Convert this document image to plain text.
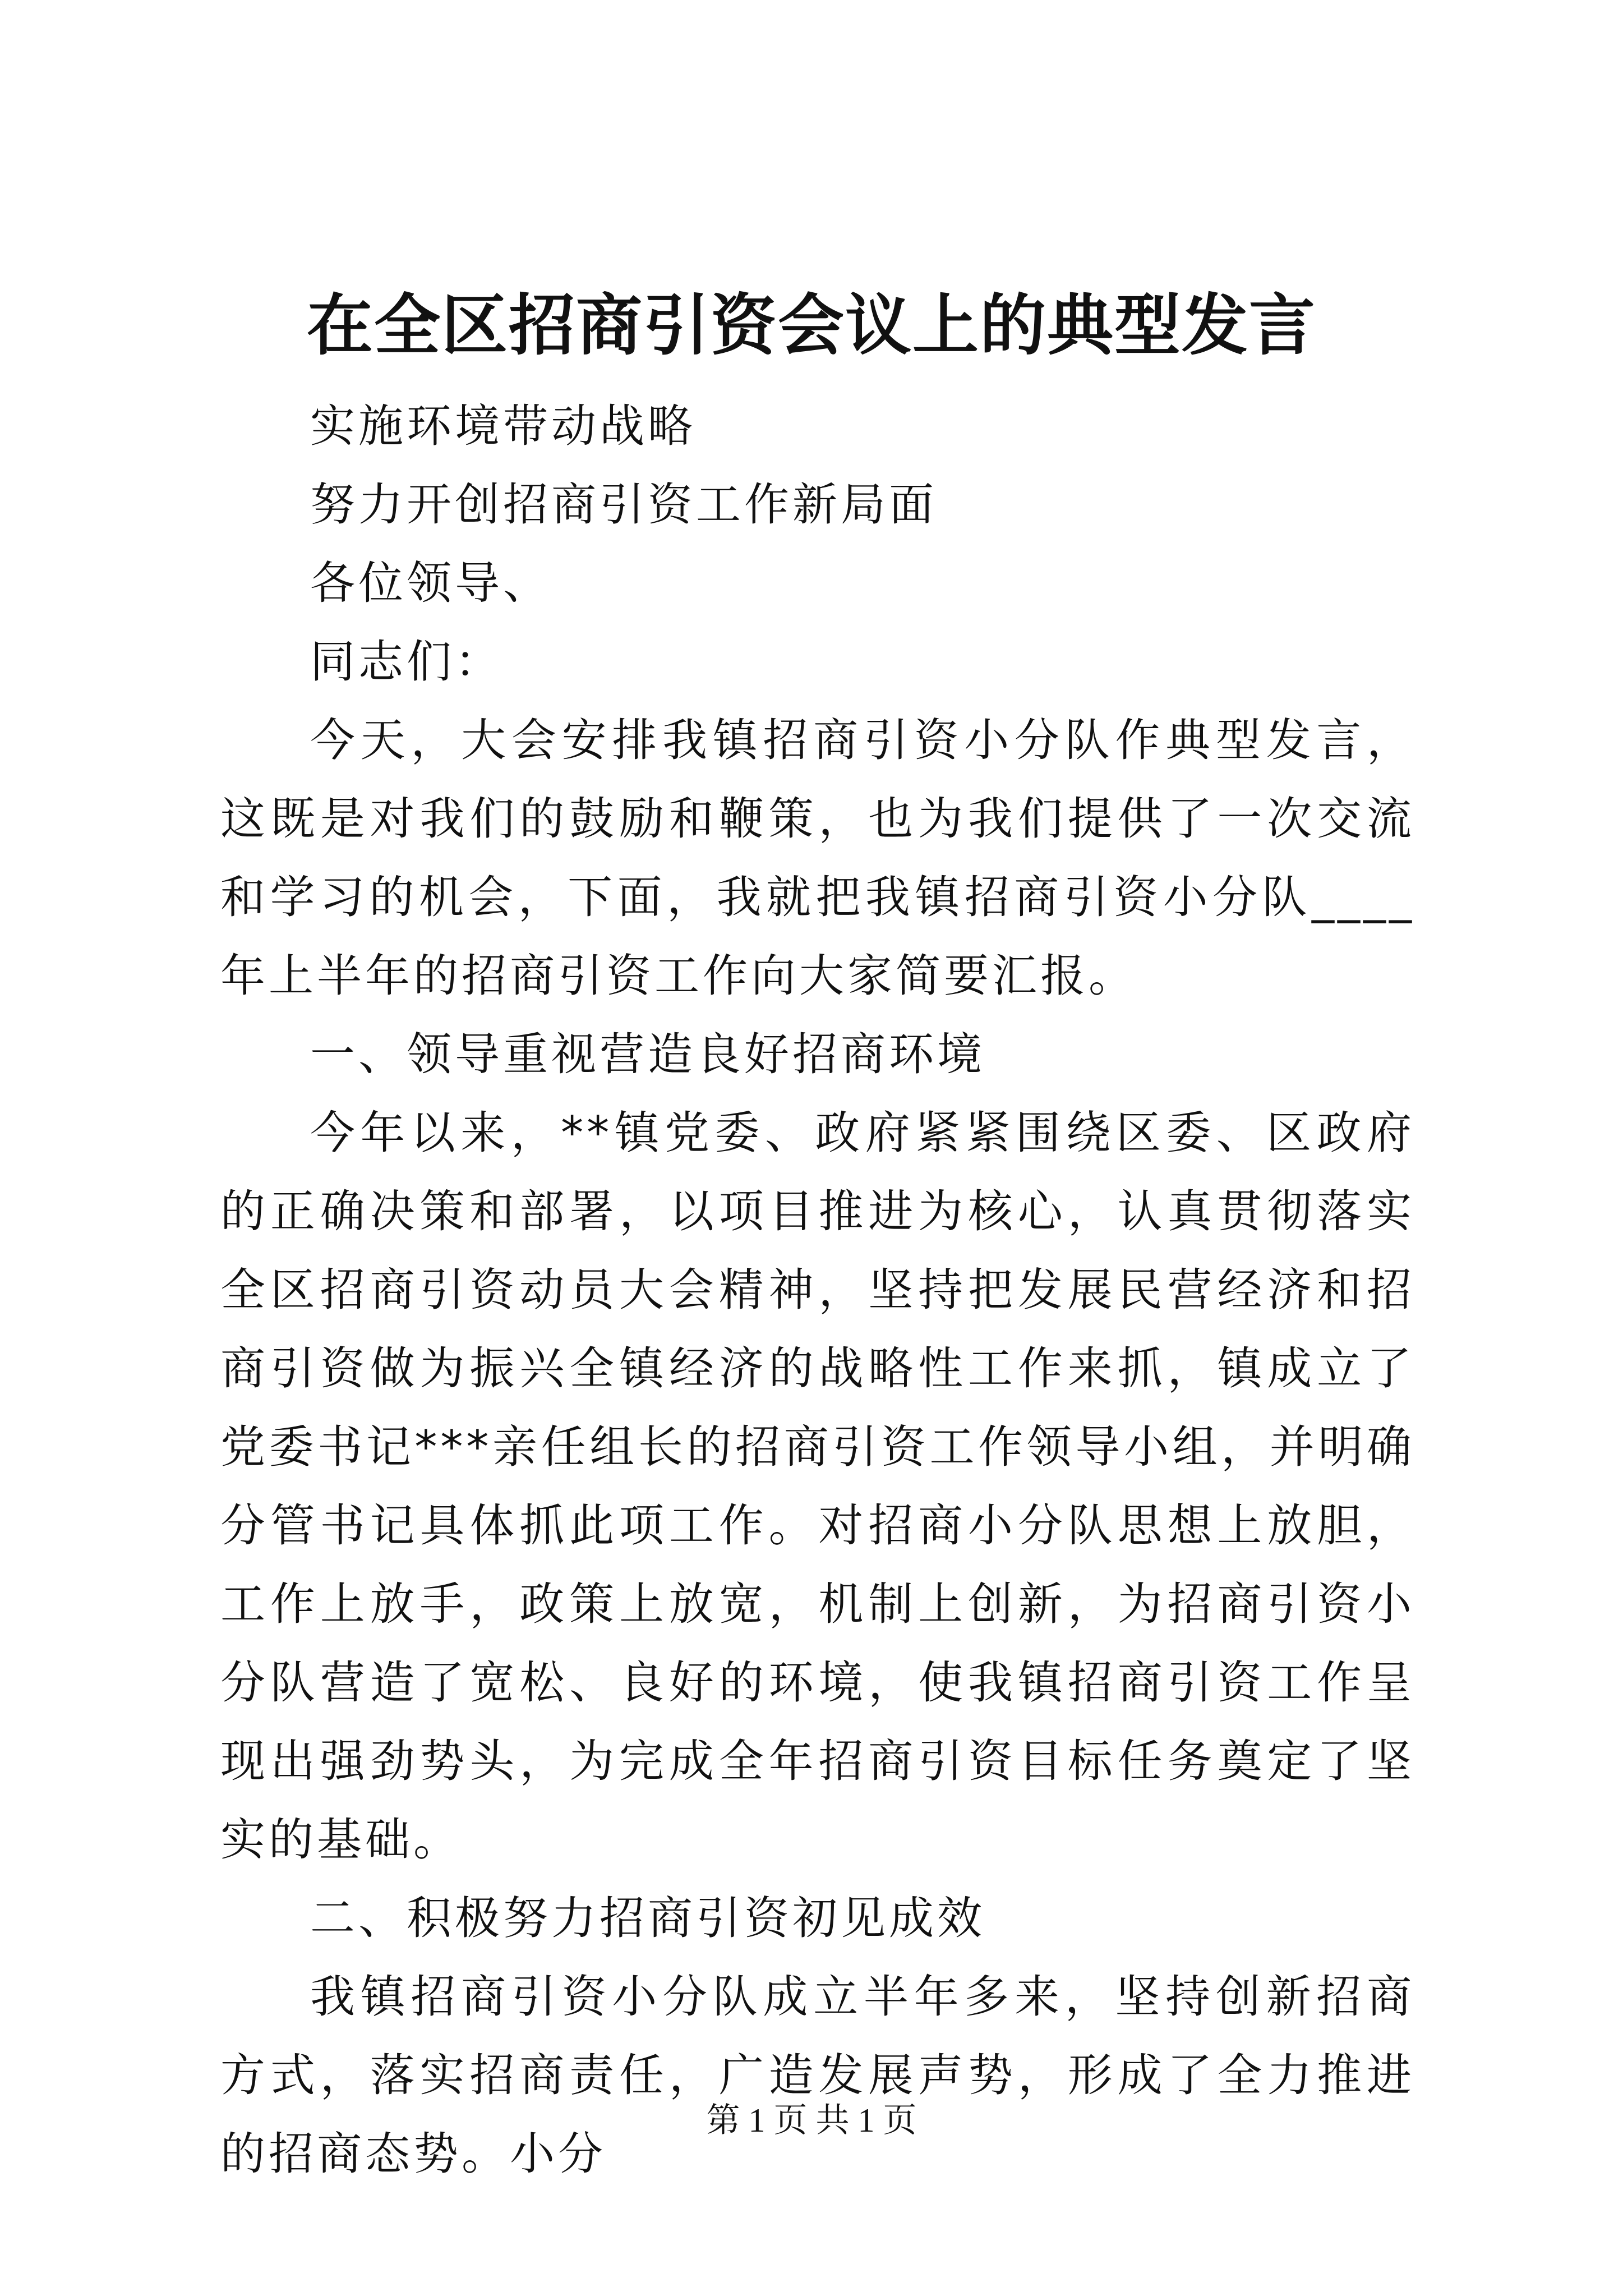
在全区招商引资会议上的典型发言

实施环境带动战略

努力开创招商引资工作新局面

各位领导、

同志们：

今天，大会安排我镇招商引资小分队作典型发言，这既是对我们的鼓励和鞭策，也为我们提供了一次交流和学习的机会，下面，我就把我镇招商引资小分队____年上半年的招商引资工作向大家简要汇报。

一、领导重视营造良好招商环境

今年以来，**镇党委、政府紧紧围绕区委、区政府的正确决策和部署，以项目推进为核心，认真贯彻落实全区招商引资动员大会精神，坚持把发展民营经济和招商引资做为振兴全镇经济的战略性工作来抓，镇成立了党委书记***亲任组长的招商引资工作领导小组，并明确分管书记具体抓此项工作。对招商小分队思想上放胆，工作上放手，政策上放宽，机制上创新，为招商引资小分队营造了宽松、良好的环境，使我镇招商引资工作呈现出强劲势头，为完成全年招商引资目标任务奠定了坚实的基础。

二、积极努力招商引资初见成效

我镇招商引资小分队成立半年多来，坚持创新招商方式，落实招商责任，广造发展声势，形成了全力推进的招商态势。小分

第 1 页 共 1 页
